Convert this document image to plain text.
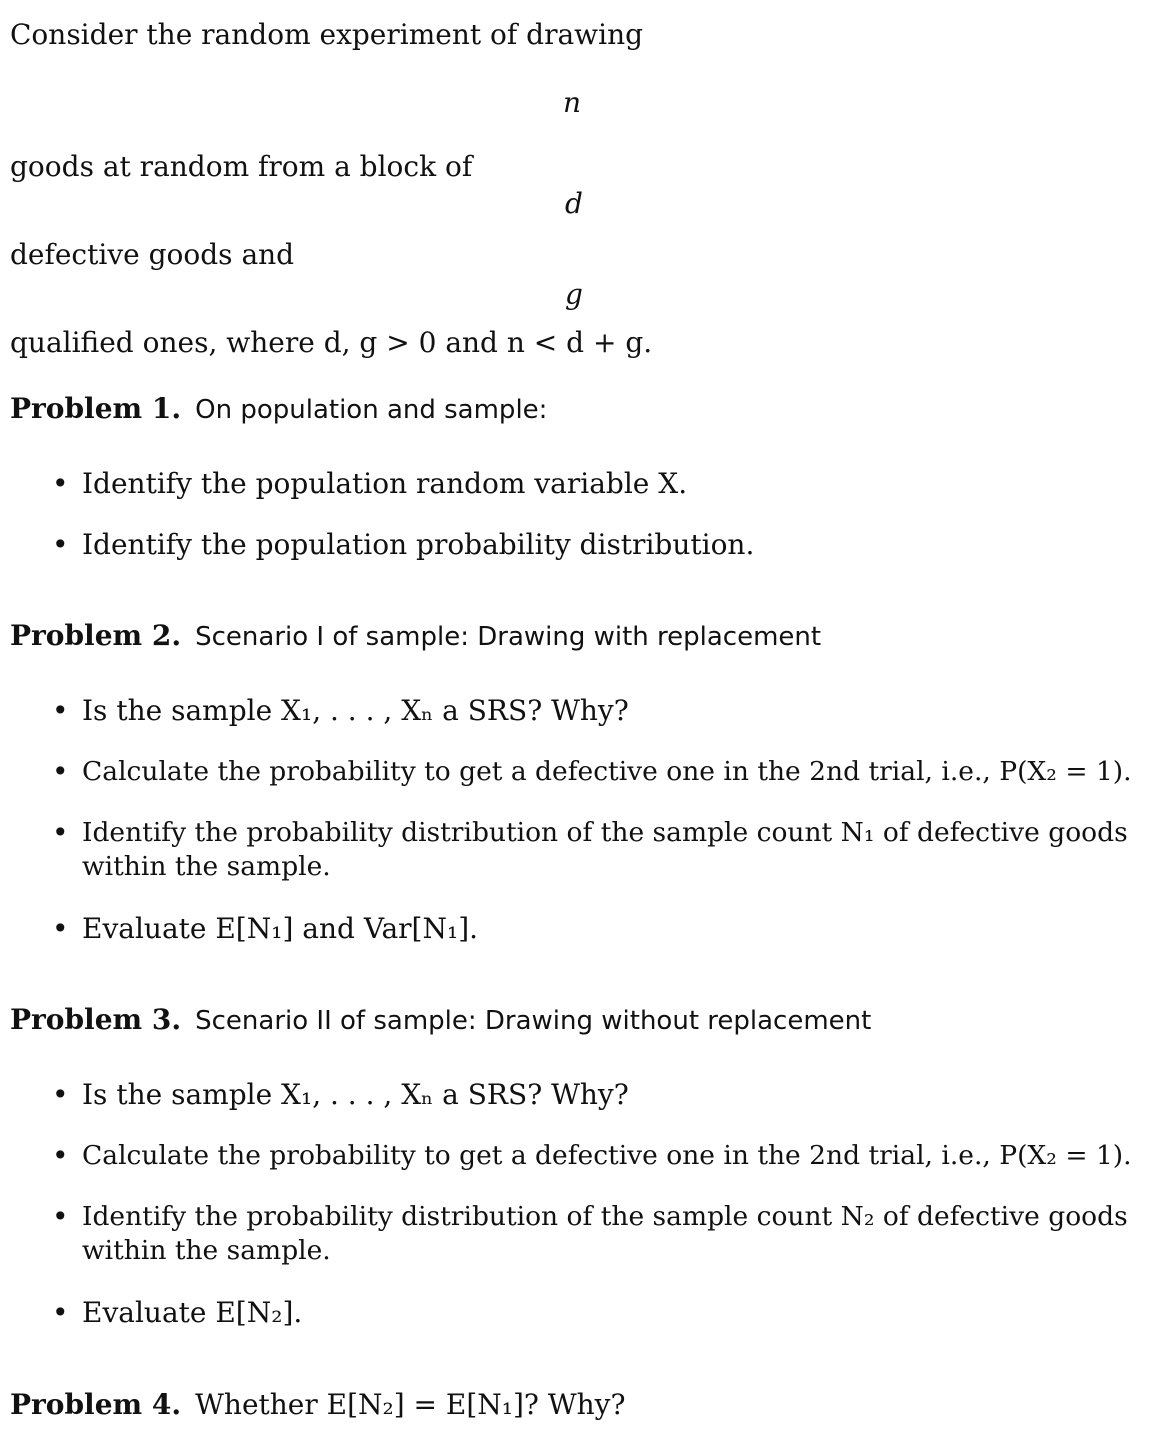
Consider the random experiment of drawing
n
goods at random from a block of
d
defective goods and
g
qualified ones, where d, g > 0 and n < d + g.
Problem 1. On population and sample:
• Identify the population random variable X.
• Identify the population probability distribution.
Problem 2. Scenario I of sample: Drawing with replacement
• Is the sample X₁, . . . , Xₙ a SRS? Why?
• Calculate the probability to get a defective one in the 2nd trial, i.e., P(X₂ = 1).
• Identify the probability distribution of the sample count N₁ of defective goods within the sample.
• Evaluate E[N₁] and Var[N₁].
Problem 3. Scenario II of sample: Drawing without replacement
• Is the sample X₁, . . . , Xₙ a SRS? Why?
• Calculate the probability to get a defective one in the 2nd trial, i.e., P(X₂ = 1).
• Identify the probability distribution of the sample count N₂ of defective goods within the sample.
• Evaluate E[N₂].
Problem 4. Whether E[N₂] = E[N₁]? Why?
